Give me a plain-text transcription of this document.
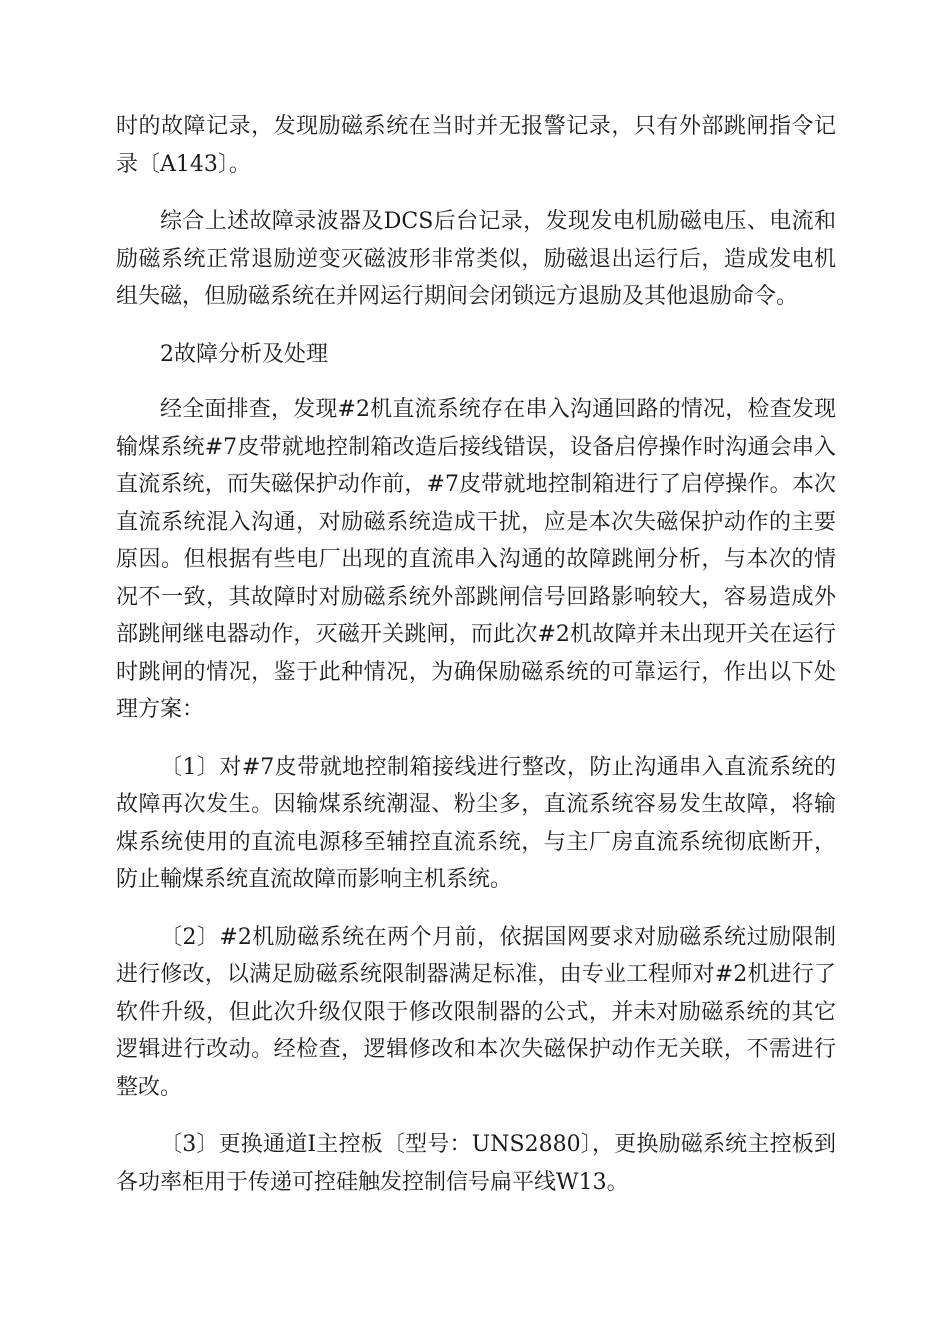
时的故障记录，发现励磁系统在当时并无报警记录，只有外部跳闸指令记录〔A143〕。

综合上述故障录波器及DCS后台记录，发现发电机励磁电压、电流和励磁系统正常退励逆变灭磁波形非常类似，励磁退出运行后，造成发电机组失磁，但励磁系统在并网运行期间会闭锁远方退励及其他退励命令。

2故障分析及处理

经全面排查，发现#2机直流系统存在串入沟通回路的情况，检查发现输煤系统#7皮带就地控制箱改造后接线错误，设备启停操作时沟通会串入直流系统，而失磁保护动作前，#7皮带就地控制箱进行了启停操作。本次直流系统混入沟通，对励磁系统造成干扰，应是本次失磁保护动作的主要原因。但根据有些电厂出现的直流串入沟通的故障跳闸分析，与本次的情况不一致，其故障时对励磁系统外部跳闸信号回路影响较大，容易造成外部跳闸继电器动作，灭磁开关跳闸，而此次#2机故障并未出现开关在运行时跳闸的情况，鉴于此种情况，为确保励磁系统的可靠运行，作出以下处理方案：

〔1〕对#7皮带就地控制箱接线进行整改，防止沟通串入直流系统的故障再次发生。因输煤系统潮湿、粉尘多，直流系统容易发生故障，将输煤系统使用的直流电源移至辅控直流系统，与主厂房直流系统彻底断开，防止輸煤系统直流故障而影响主机系统。

〔2〕#2机励磁系统在两个月前，依据国网要求对励磁系统过励限制进行修改，以满足励磁系统限制器满足标准，由专业工程师对#2机进行了软件升级，但此次升级仅限于修改限制器的公式，并未对励磁系统的其它逻辑进行改动。经检查，逻辑修改和本次失磁保护动作无关联，不需进行整改。

〔3〕更换通道Ⅰ主控板〔型号：UNS2880〕，更换励磁系统主控板到各功率柜用于传递可控硅触发控制信号扁平线W13。
